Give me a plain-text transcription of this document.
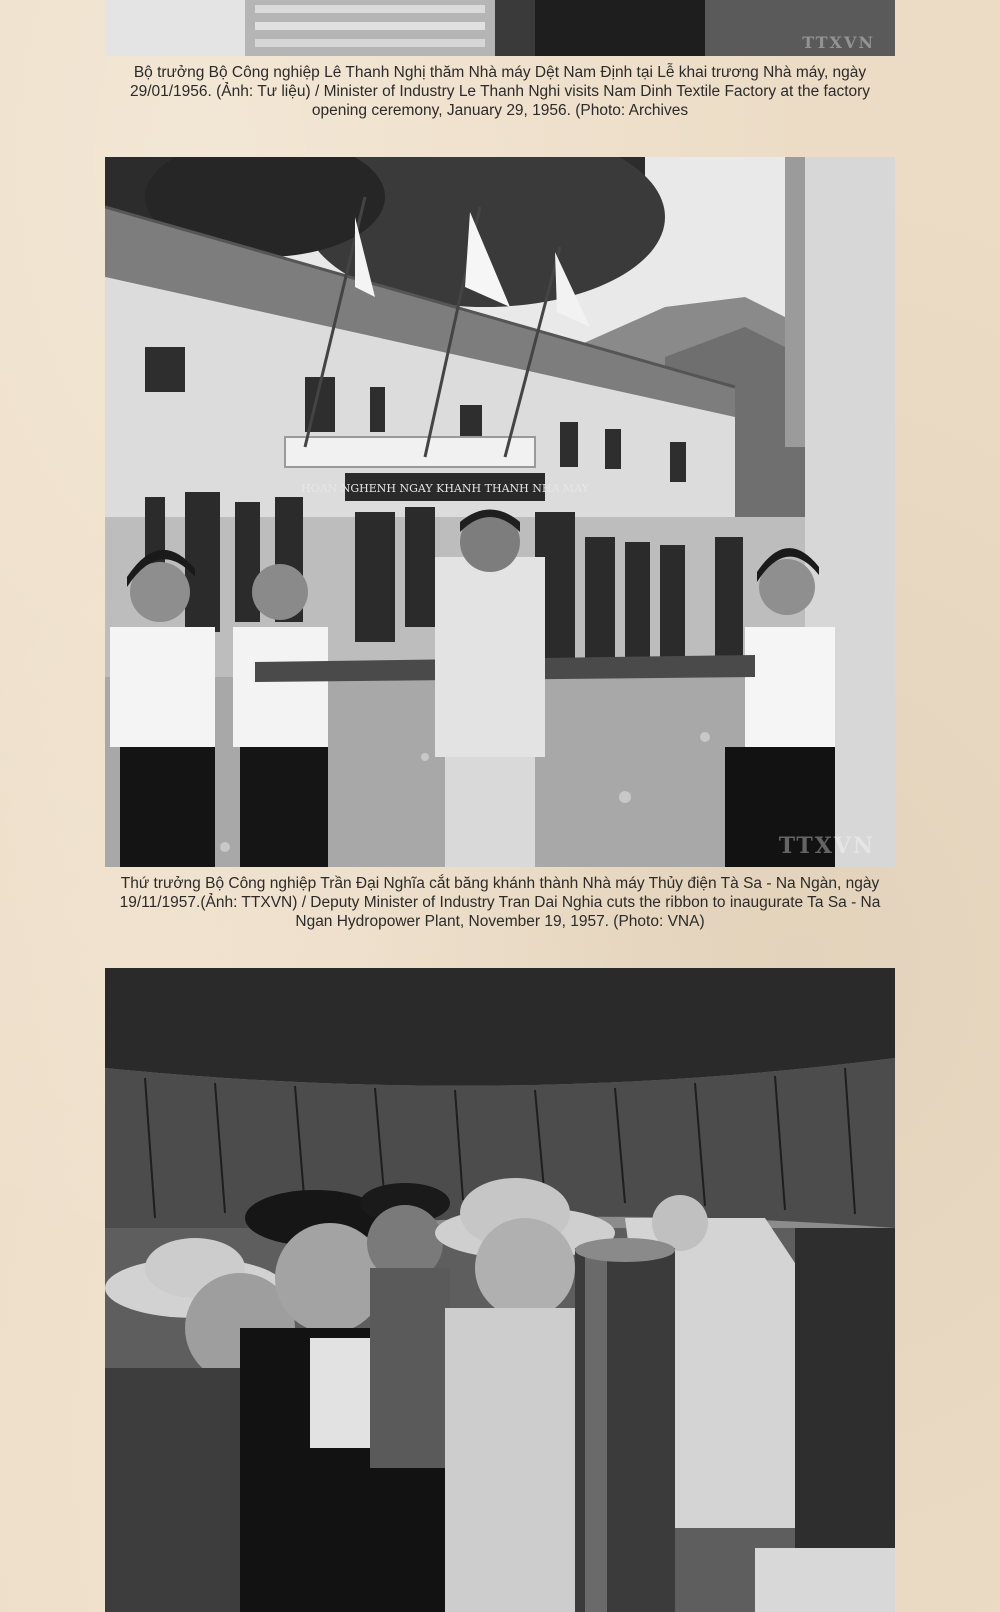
TTXVN
Bộ trưởng Bộ Công nghiệp Lê Thanh Nghị thăm Nhà máy Dệt Nam Định tại Lễ khai trương Nhà máy, ngày 29/01/1956. (Ảnh: Tư liệu) / Minister of Industry Le Thanh Nghi visits Nam Dinh Textile Factory at the factory opening ceremony, January 29, 1956. (Photo: Archives
HOAN NGHENH NGAY KHANH THANH NHA MAY
TTXVN
Thứ trưởng Bộ Công nghiệp Trần Đại Nghĩa cắt băng khánh thành Nhà máy Thủy điện Tà Sa - Na Ngàn, ngày 19/11/1957.(Ảnh: TTXVN) / Deputy Minister of Industry Tran Dai Nghia cuts the ribbon to inaugurate Ta Sa - Na Ngan Hydropower Plant, November 19, 1957. (Photo: VNA)
